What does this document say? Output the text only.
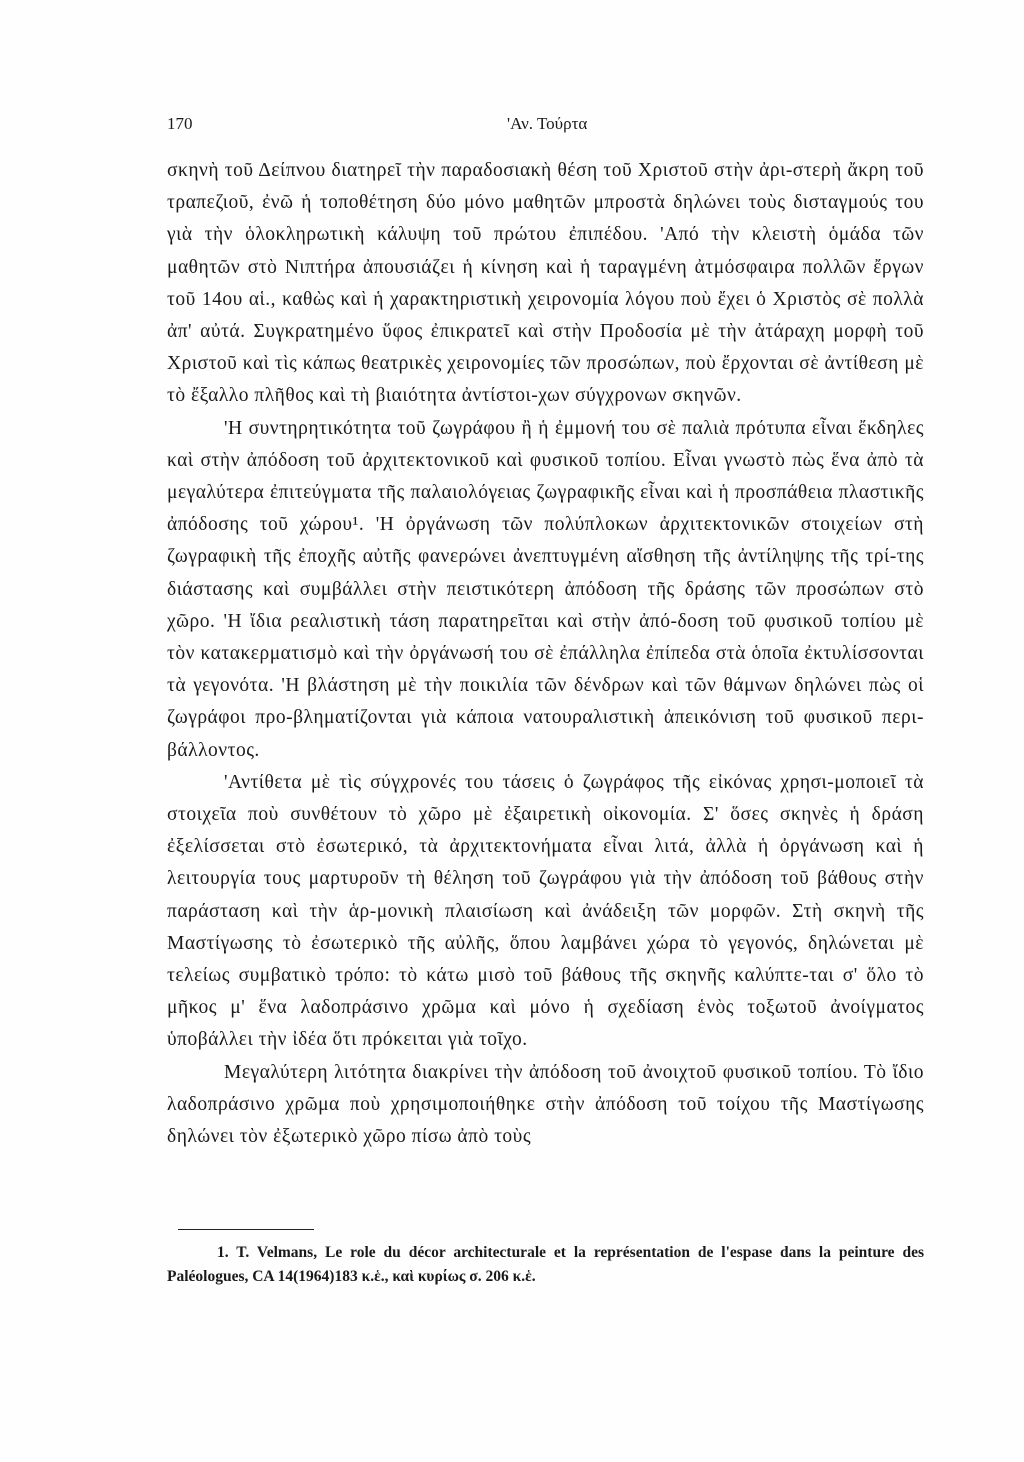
170	'Αν. Τούρτα

σκηνὴ τοῦ Δείπνου διατηρεῖ τὴν παραδοσιακὴ θέση τοῦ Χριστοῦ στὴν ἀρι-στερὴ ἄκρη τοῦ τραπεζιοῦ, ἐνῶ ἡ τοποθέτηση δύο μόνο μαθητῶν μπροστὰ δηλώνει τοὺς δισταγμούς του γιὰ τὴν ὁλοκληρωτικὴ κάλυψη τοῦ πρώτου ἐπιπέδου. 'Από τὴν κλειστὴ ὁμάδα τῶν μαθητῶν στὸ Νιπτήρα ἀπουσιάζει ἡ κίνηση καὶ ἡ ταραγμένη ἀτμόσφαιρα πολλῶν ἔργων τοῦ 14ου αἱ., καθὼς καὶ ἡ χαρακτηριστικὴ χειρονομία λόγου ποὺ ἔχει ὁ Χριστὸς σὲ πολλὰ ἀπ' αὐτά. Συγκρατημένο ὕφος ἐπικρατεῖ καὶ στὴν Προδοσία μὲ τὴν ἀτάραχη μορφὴ τοῦ Χριστοῦ καὶ τὶς κάπως θεατρικὲς χειρονομίες τῶν προσώπων, ποὺ ἔρχονται σὲ ἀντίθεση μὲ τὸ ἔξαλλο πλῆθος καὶ τὴ βιαιότητα ἀντίστοι-χων σύγχρονων σκηνῶν.

'Η συντηρητικότητα τοῦ ζωγράφου ἢ ἡ ἐμμονή του σὲ παλιὰ πρότυπα εἶναι ἔκδηλες καὶ στὴν ἀπόδοση τοῦ ἀρχιτεκτονικοῦ καὶ φυσικοῦ τοπίου. Εἶναι γνωστὸ πὼς ἕνα ἀπὸ τὰ μεγαλύτερα ἐπιτεύγματα τῆς παλαιολόγειας ζωγραφικῆς εἶναι καὶ ἡ προσπάθεια πλαστικῆς ἀπόδοσης τοῦ χώρου¹. 'Η ὀργάνωση τῶν πολύπλοκων ἀρχιτεκτονικῶν στοιχείων στὴ ζωγραφικὴ τῆς ἐποχῆς αὐτῆς φανερώνει ἀνεπτυγμένη αἴσθηση τῆς ἀντίληψης τῆς τρί-της διάστασης καὶ συμβάλλει στὴν πειστικότερη ἀπόδοση τῆς δράσης τῶν προσώπων στὸ χῶρο. 'Η ἴδια ρεαλιστικὴ τάση παρατηρεῖται καὶ στὴν ἀπό-δοση τοῦ φυσικοῦ τοπίου μὲ τὸν κατακερματισμὸ καὶ τὴν ὀργάνωσή του σὲ ἐπάλληλα ἐπίπεδα στὰ ὁποῖα ἐκτυλίσσονται τὰ γεγονότα. 'Η βλάστηση μὲ τὴν ποικιλία τῶν δένδρων καὶ τῶν θάμνων δηλώνει πὼς οἱ ζωγράφοι προ-βληματίζονται γιὰ κάποια νατουραλιστικὴ ἀπεικόνιση τοῦ φυσικοῦ περι-βάλλοντος.

'Αντίθετα μὲ τὶς σύγχρονές του τάσεις ὁ ζωγράφος τῆς εἰκόνας χρησι-μοποιεῖ τὰ στοιχεῖα ποὺ συνθέτουν τὸ χῶρο μὲ ἐξαιρετικὴ οἰκονομία. Σ' ὅσες σκηνὲς ἡ δράση ἐξελίσσεται στὸ ἐσωτερικό, τὰ ἀρχιτεκτονήματα εἶναι λιτά, ἀλλὰ ἡ ὀργάνωση καὶ ἡ λειτουργία τους μαρτυροῦν τὴ θέληση τοῦ ζωγράφου γιὰ τὴν ἀπόδοση τοῦ βάθους στὴν παράσταση καὶ τὴν ἁρ-μονικὴ πλαισίωση καὶ ἀνάδειξη τῶν μορφῶν. Στὴ σκηνὴ τῆς Μαστίγωσης τὸ ἐσωτερικὸ τῆς αὐλῆς, ὅπου λαμβάνει χώρα τὸ γεγονός, δηλώνεται μὲ τελείως συμβατικὸ τρόπο: τὸ κάτω μισὸ τοῦ βάθους τῆς σκηνῆς καλύπτε-ται σ' ὅλο τὸ μῆκος μ' ἕνα λαδοπράσινο χρῶμα καὶ μόνο ἡ σχεδίαση ἑνὸς τοξωτοῦ ἀνοίγματος ὑποβάλλει τὴν ἰδέα ὅτι πρόκειται γιὰ τοῖχο.

Μεγαλύτερη λιτότητα διακρίνει τὴν ἀπόδοση τοῦ ἀνοιχτοῦ φυσικοῦ τοπίου. Τὸ ἴδιο λαδοπράσινο χρῶμα ποὺ χρησιμοποιήθηκε στὴν ἀπόδοση τοῦ τοίχου τῆς Μαστίγωσης δηλώνει τὸν ἐξωτερικὸ χῶρο πίσω ἀπὸ τοὺς

1. T. Velmans, Le role du décor architecturale et la représentation de l'espase dans la peinture des Paléologues, CA 14(1964)183 κ.ἑ., καὶ κυρίως σ. 206 κ.ἑ.
